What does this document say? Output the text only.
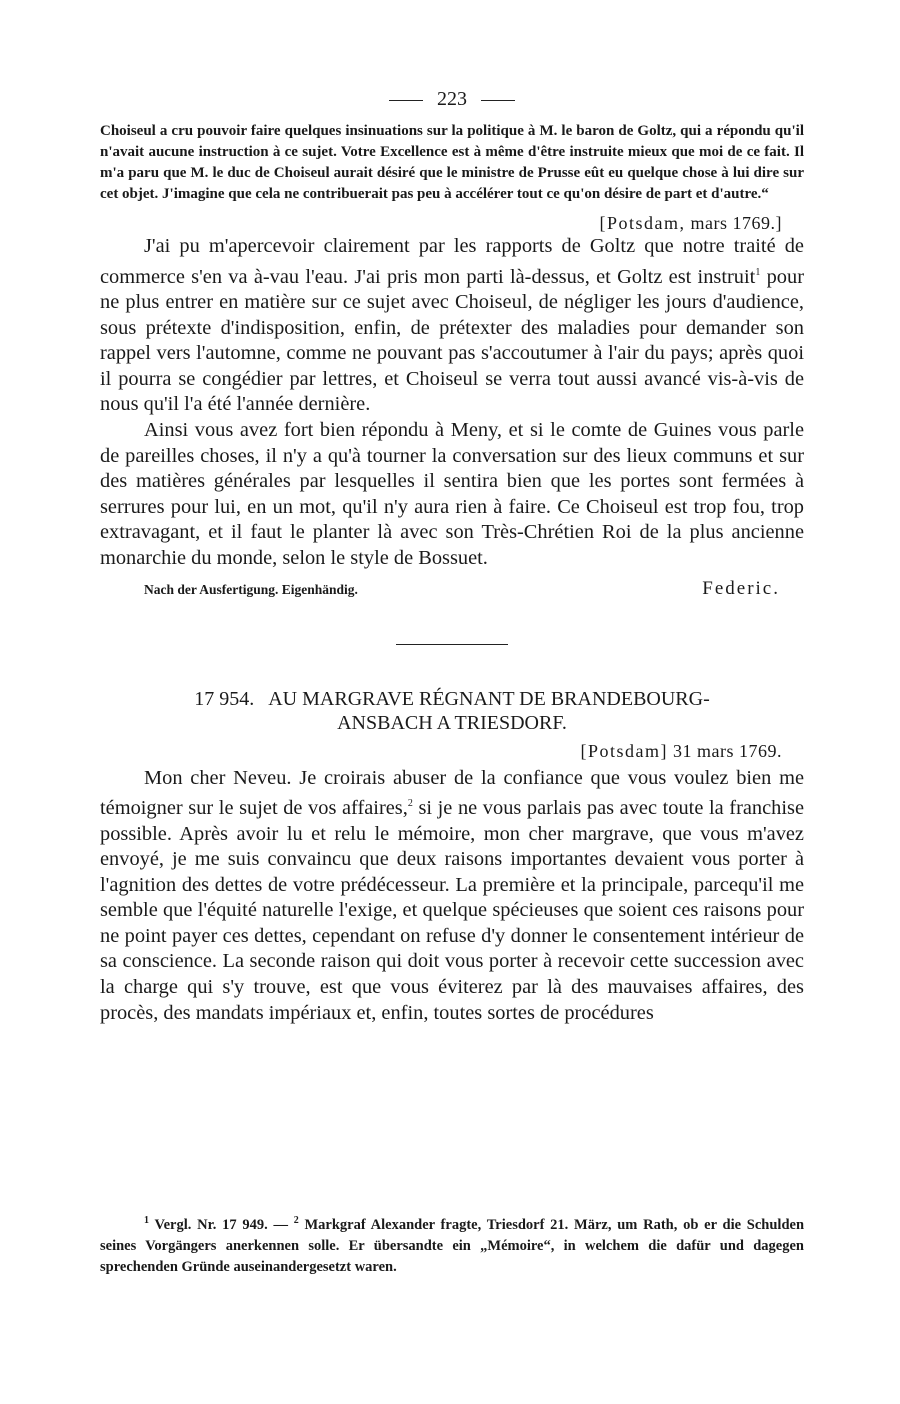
223

Choiseul a cru pouvoir faire quelques insinuations sur la politique à M. le baron de Goltz, qui a répondu qu'il n'avait aucune instruction à ce sujet. Votre Excellence est à même d'être instruite mieux que moi de ce fait. Il m'a paru que M. le duc de Choiseul aurait désiré que le ministre de Prusse eût eu quelque chose à lui dire sur cet objet. J'imagine que cela ne contribuerait pas peu à accélérer tout ce qu'on désire de part et d'autre.“

[Potsdam, mars 1769.]

J'ai pu m'apercevoir clairement par les rapports de Goltz que notre traité de commerce s'en va à-vau l'eau. J'ai pris mon parti là-dessus, et Goltz est instruit$^1$ pour ne plus entrer en matière sur ce sujet avec Choiseul, de négliger les jours d'audience, sous prétexte d'indisposition, enfin, de prétexter des maladies pour demander son rappel vers l'automne, comme ne pouvant pas s'accoutumer à l'air du pays; après quoi il pourra se congédier par lettres, et Choiseul se verra tout aussi avancé vis-à-vis de nous qu'il l'a été l'année dernière.

Ainsi vous avez fort bien répondu à Meny, et si le comte de Guines vous parle de pareilles choses, il n'y a qu'à tourner la conversation sur des lieux communs et sur des matières générales par lesquelles il sentira bien que les portes sont fermées à serrures pour lui, en un mot, qu'il n'y aura rien à faire. Ce Choiseul est trop fou, trop extravagant, et il faut le planter là avec son Très-Chrétien Roi de la plus ancienne monarchie du monde, selon le style de Bossuet.

Nach der Ausfertigung. Eigenhändig.	Federic.

17 954. AU MARGRAVE RÉGNANT DE BRANDEBOURG-
ANSBACH A TRIESDORF.

[Potsdam] 31 mars 1769.

Mon cher Neveu. Je croirais abuser de la confiance que vous voulez bien me témoigner sur le sujet de vos affaires,$^2$ si je ne vous parlais pas avec toute la franchise possible. Après avoir lu et relu le mémoire, mon cher margrave, que vous m'avez envoyé, je me suis convaincu que deux raisons importantes devaient vous porter à l'agnition des dettes de votre prédécesseur. La première et la principale, parcequ'il me semble que l'équité naturelle l'exige, et quelque spécieuses que soient ces raisons pour ne point payer ces dettes, cependant on refuse d'y donner le consentement intérieur de sa conscience. La seconde raison qui doit vous porter à recevoir cette succession avec la charge qui s'y trouve, est que vous éviterez par là des mauvaises affaires, des procès, des mandats impériaux et, enfin, toutes sortes de procédures

$^1$ Vergl. Nr. 17 949. — $^2$ Markgraf Alexander fragte, Triesdorf 21. März, um Rath, ob er die Schulden seines Vorgängers anerkennen solle. Er übersandte ein „Mémoire“, in welchem die dafür und dagegen sprechenden Gründe auseinandergesetzt waren.
